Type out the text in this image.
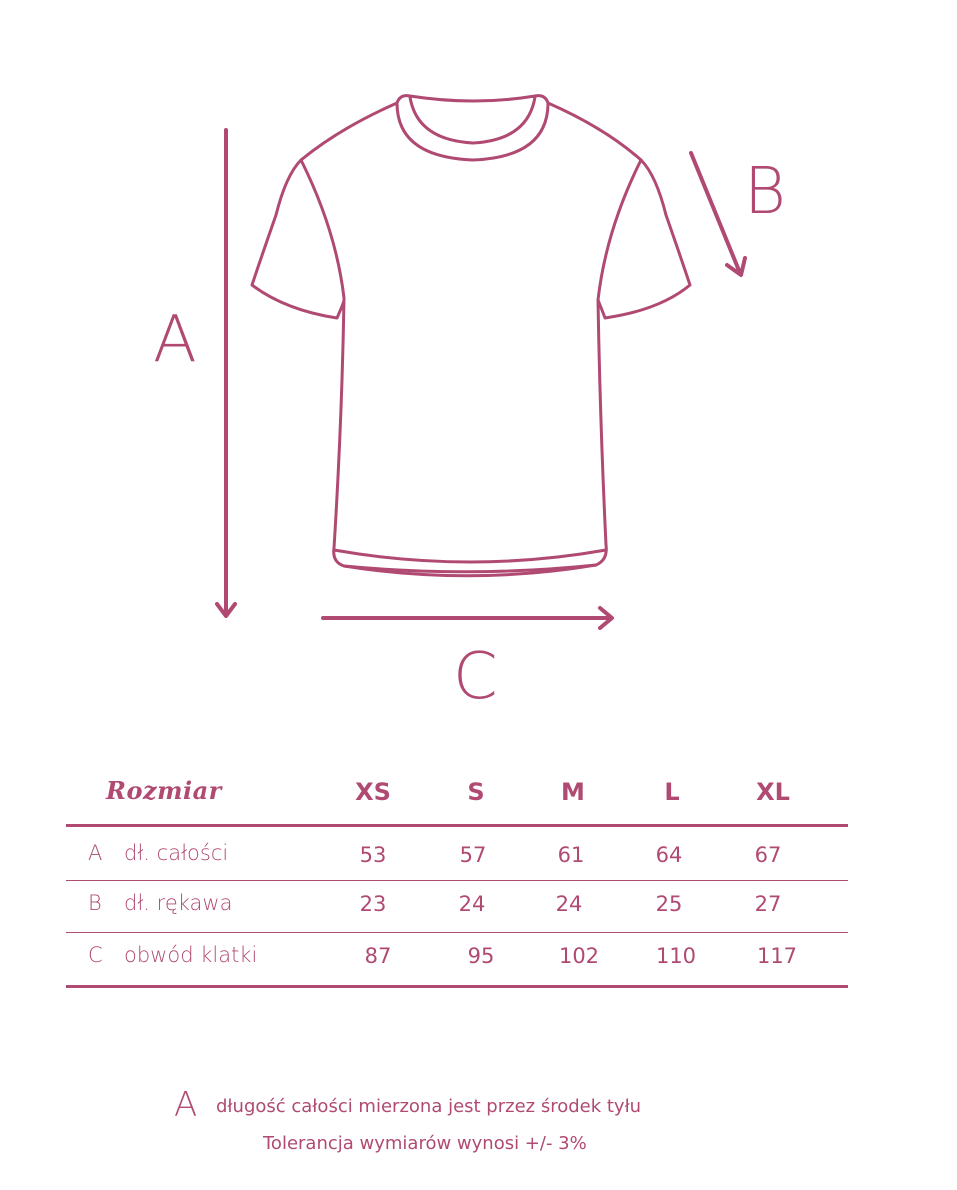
A
B
C
Rozmiar	XS	S	M	L	XL
A dł. całości	53	57	61	64	67
B dł. rękawa	23	24	24	25	27
C obwód klatki	87	95	102	110	117
A długość całości mierzona jest przez środek tyłu
Tolerancja wymiarów wynosi +/- 3%
